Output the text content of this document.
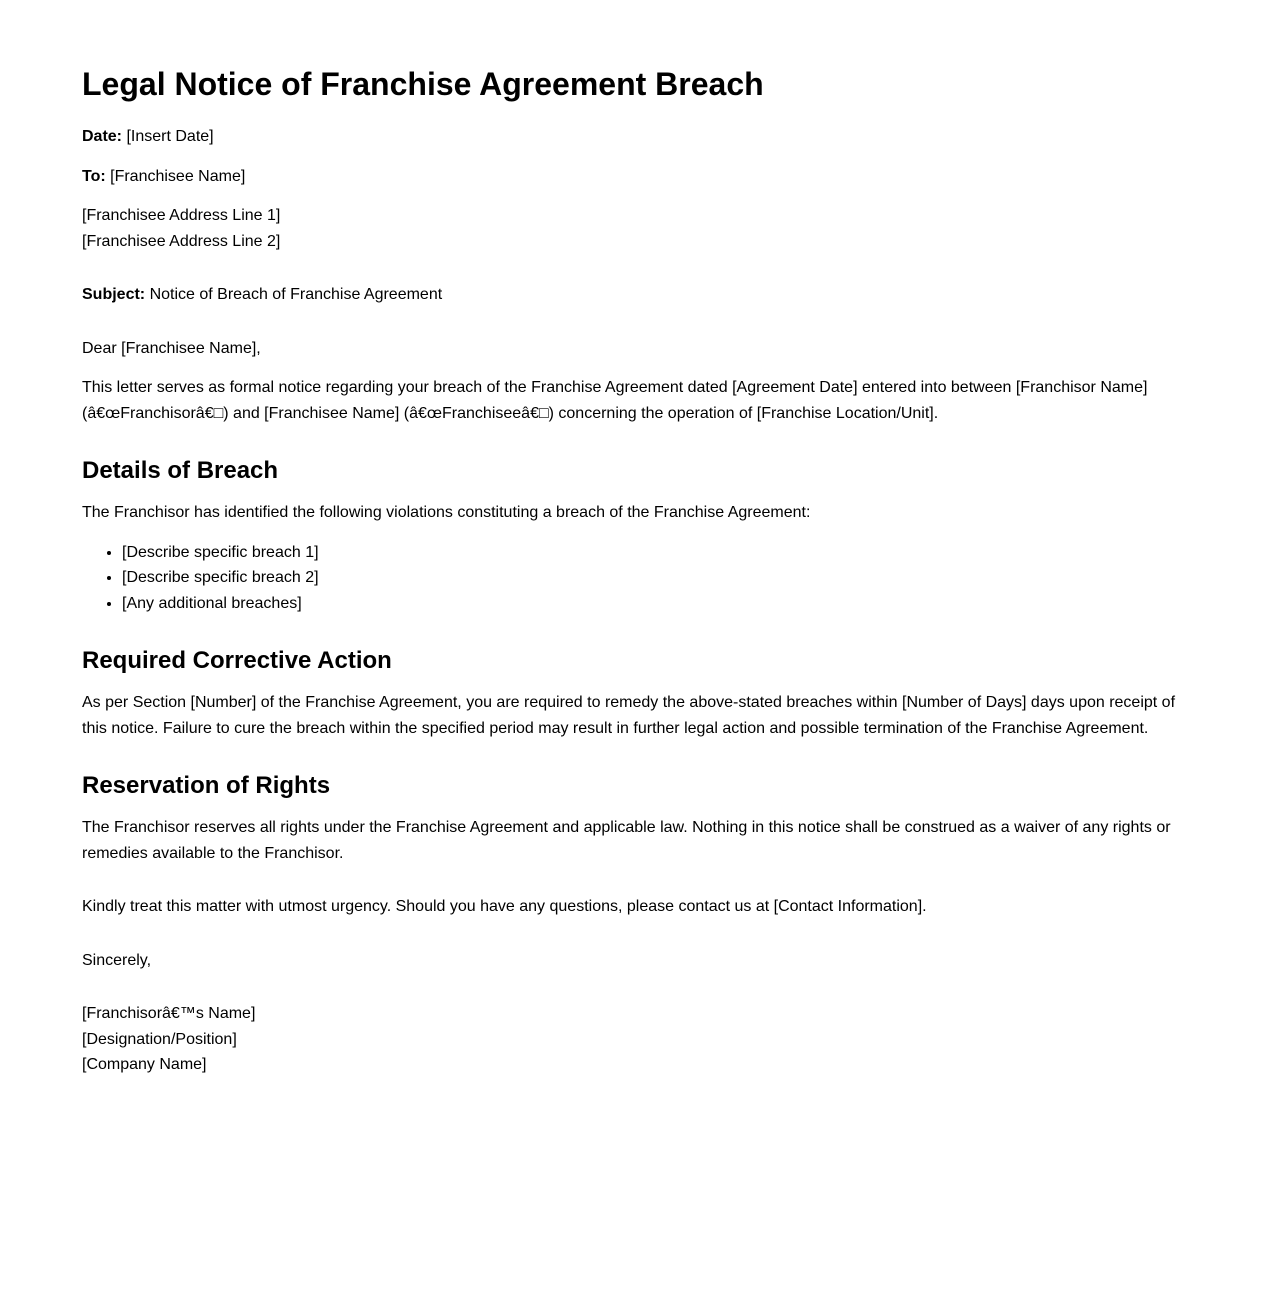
Legal Notice of Franchise Agreement Breach

Date: [Insert Date]

To: [Franchisee Name]

[Franchisee Address Line 1]
[Franchisee Address Line 2]

Subject: Notice of Breach of Franchise Agreement

Dear [Franchisee Name],

This letter serves as formal notice regarding your breach of the Franchise Agreement dated [Agreement Date] entered into between [Franchisor Name] (â€œFranchisorâ€□) and [Franchisee Name] (â€œFranchiseeâ€□) concerning the operation of [Franchise Location/Unit].

Details of Breach

The Franchisor has identified the following violations constituting a breach of the Franchise Agreement:

• [Describe specific breach 1]
• [Describe specific breach 2]
• [Any additional breaches]
Required Corrective Action

As per Section [Number] of the Franchise Agreement, you are required to remedy the above-stated breaches within [Number of Days] days upon receipt of this notice. Failure to cure the breach within the specified period may result in further legal action and possible termination of the Franchise Agreement.

Reservation of Rights

The Franchisor reserves all rights under the Franchise Agreement and applicable law. Nothing in this notice shall be construed as a waiver of any rights or remedies available to the Franchisor.

Kindly treat this matter with utmost urgency. Should you have any questions, please contact us at [Contact Information].

Sincerely,

[Franchisorâ€™s Name]
[Designation/Position]
[Company Name]
